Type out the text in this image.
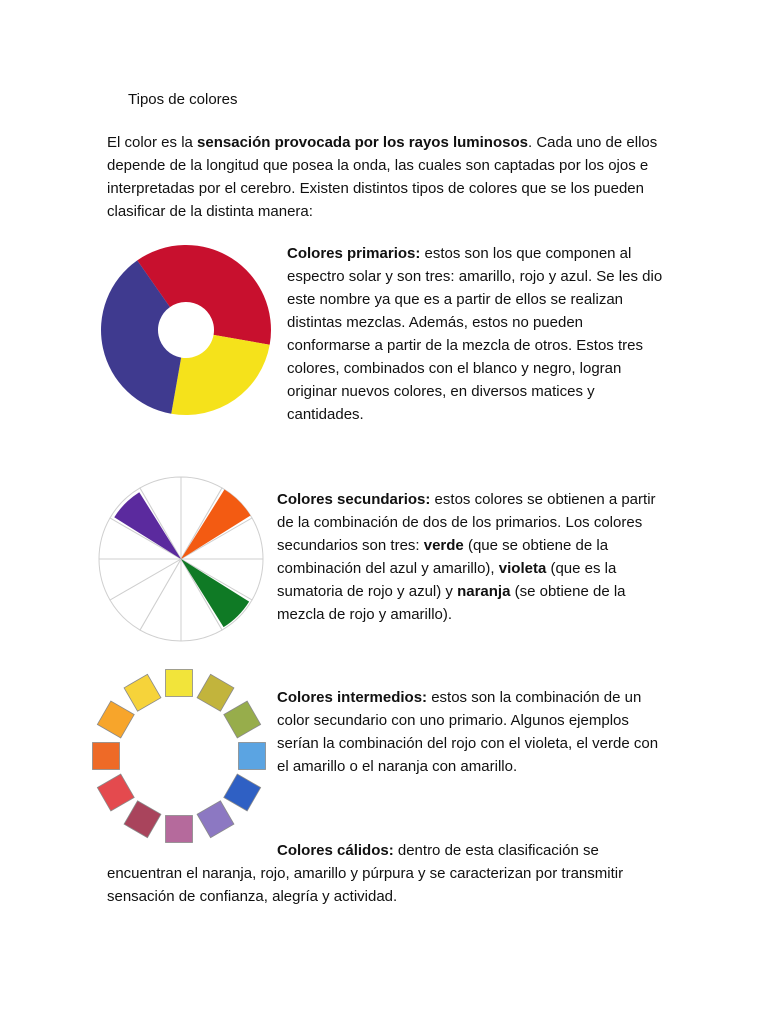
Tipos de colores

El color es la sensación provocada por los rayos luminosos. Cada uno de ellos depende de la longitud que posea la onda, las cuales son captadas por los ojos e interpretadas por el cerebro. Existen distintos tipos de colores que se los pueden clasificar de la distinta manera:

Colores primarios: estos son los que componen al espectro solar y son tres: amarillo, rojo y azul. Se les dio este nombre ya que es a partir de ellos se realizan distintas mezclas. Además, estos no pueden conformarse a partir de la mezcla de otros. Estos tres colores, combinados con el blanco y negro, logran originar nuevos colores, en diversos matices y cantidades.

Colores secundarios: estos colores se obtienen a partir de la combinación de dos de los primarios. Los colores secundarios son tres: verde (que se obtiene de la combinación del azul y amarillo), violeta (que es la sumatoria de rojo y azul) y naranja (se obtiene de la mezcla de rojo y amarillo).

Colores intermedios: estos son la combinación de un color secundario con uno primario. Algunos ejemplos serían la combinación del rojo con el violeta, el verde con el amarillo o el naranja con amarillo.

Colores cálidos: dentro de esta clasificación se encuentran el naranja, rojo, amarillo y púrpura y se caracterizan por transmitir sensación de confianza, alegría y actividad.
